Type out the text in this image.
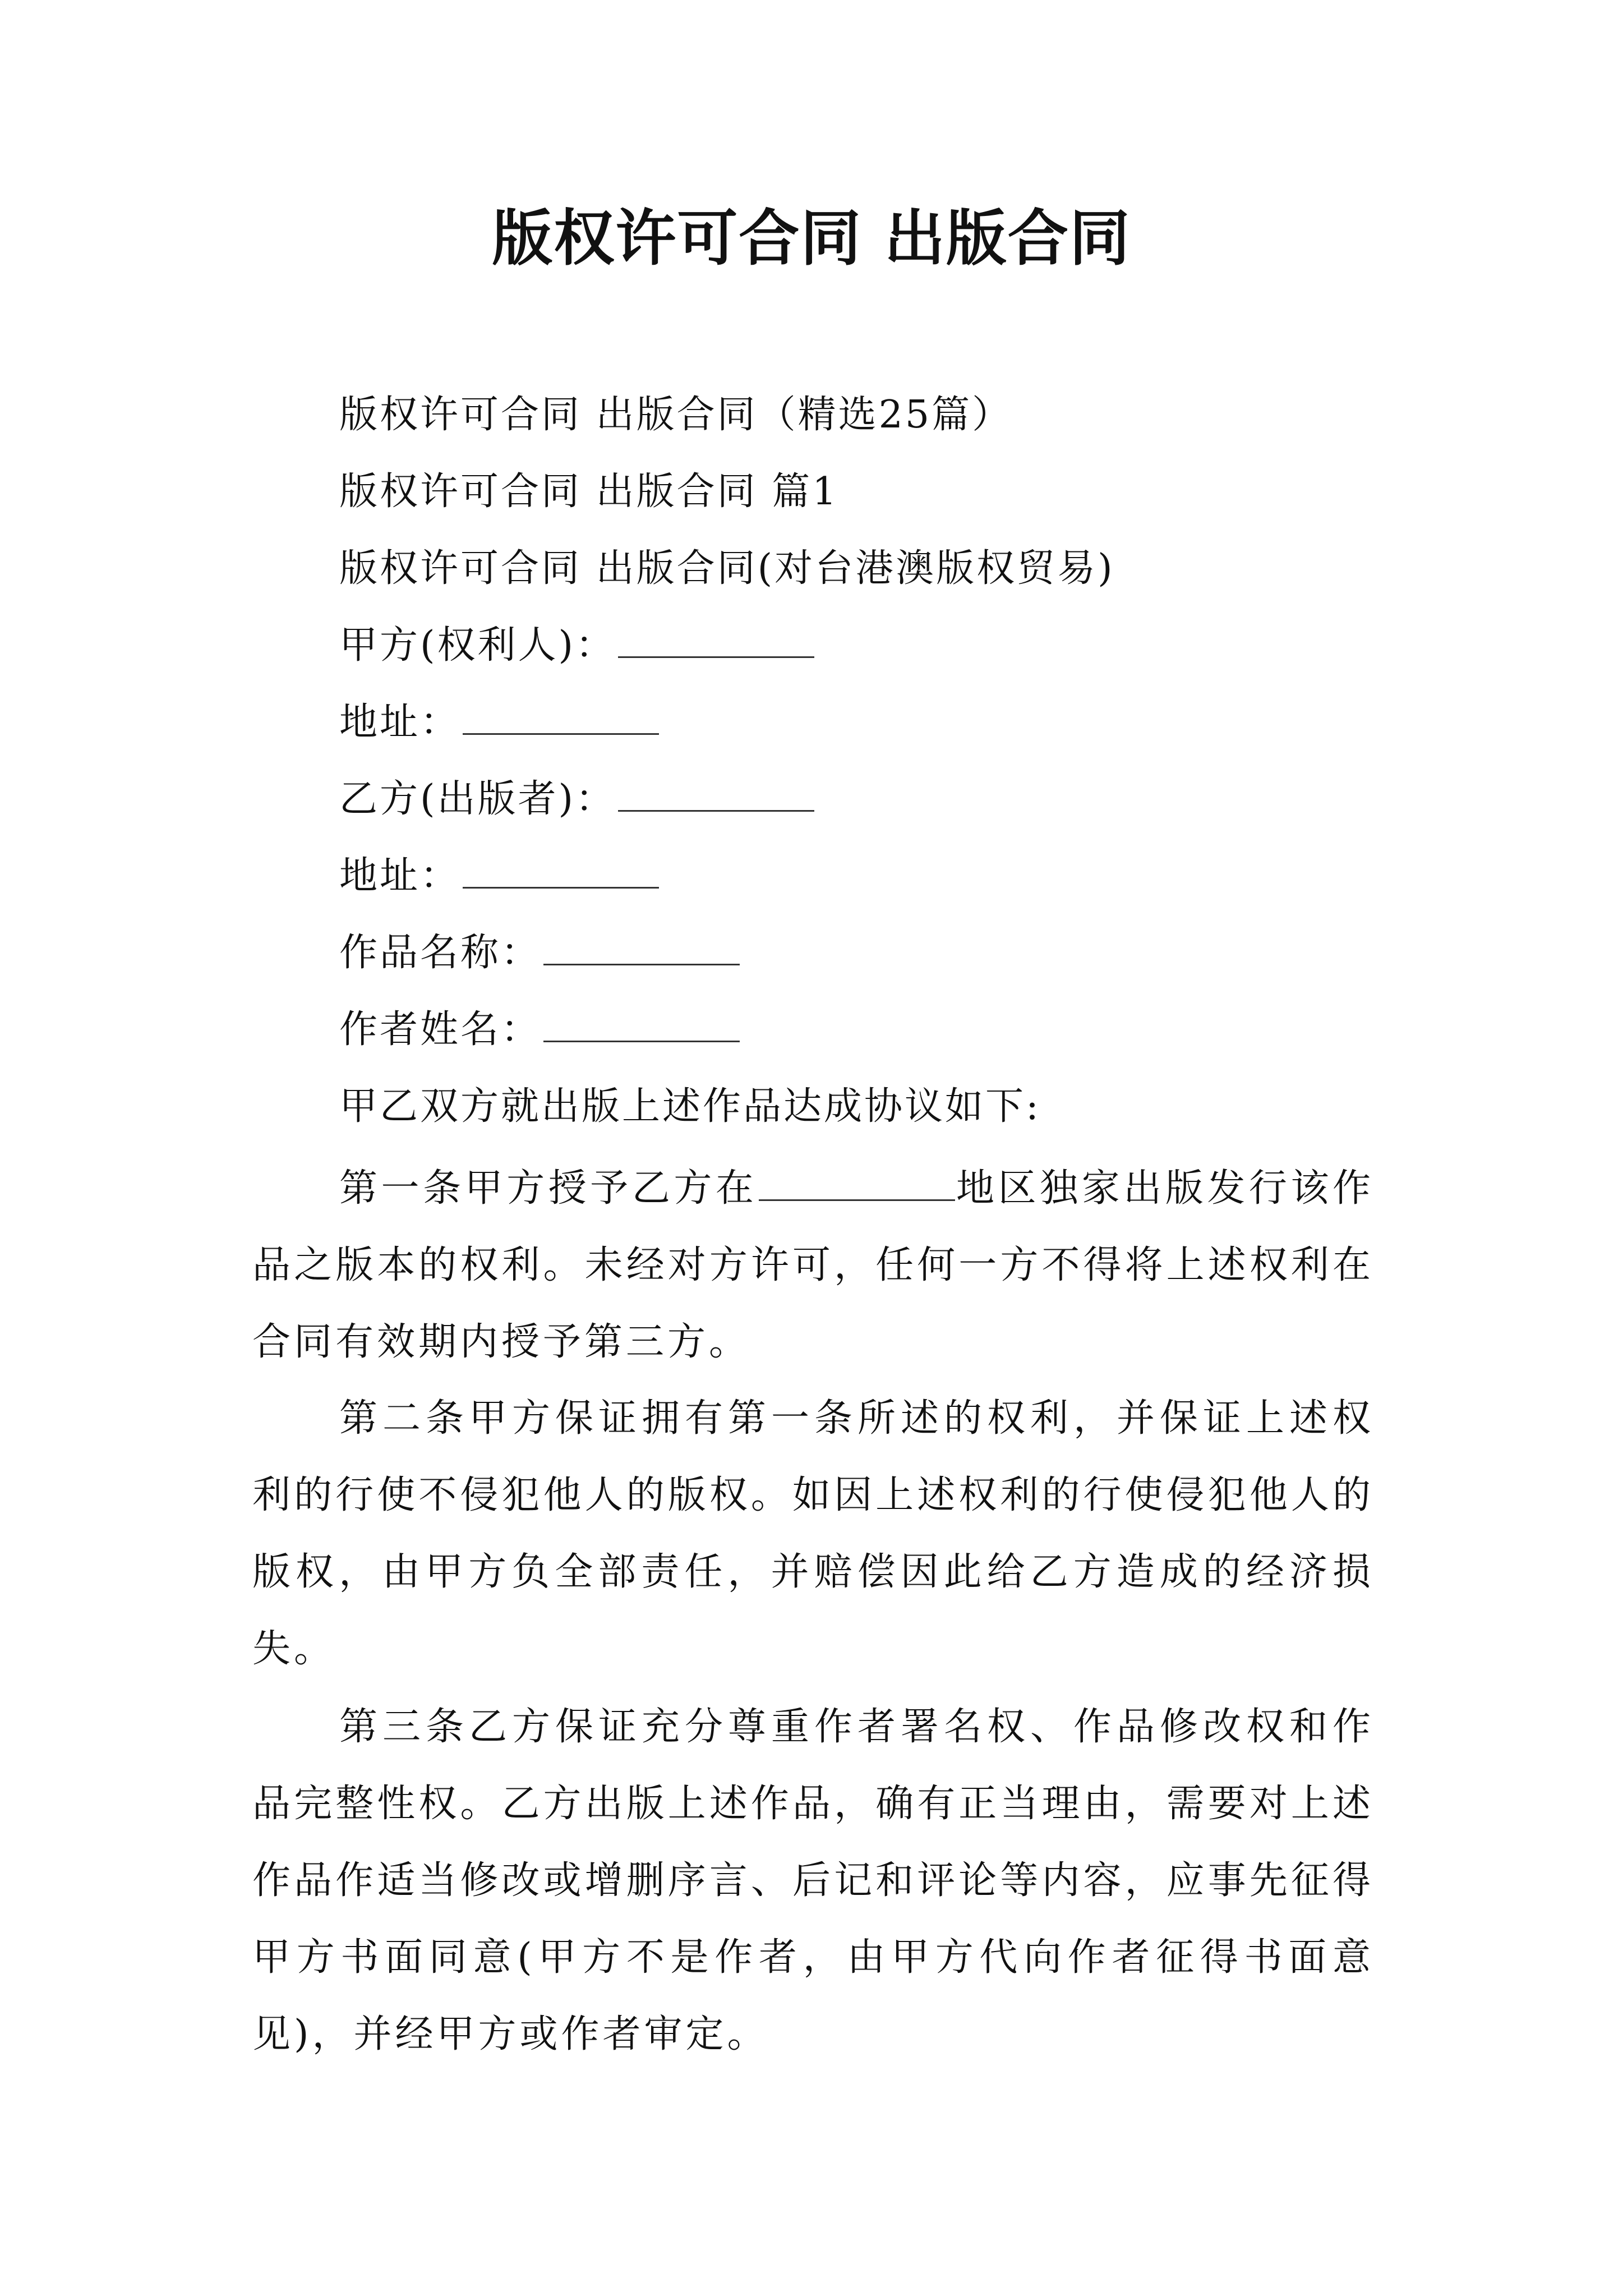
版权许可合同 出版合同
版权许可合同 出版合同（精选25篇）
版权许可合同 出版合同 篇1
版权许可合同 出版合同(对台港澳版权贸易)
甲方(权利人)：
地址：
乙方(出版者)：
地址：
作品名称：
作者姓名：
甲乙双方就出版上述作品达成协议如下:
第一条甲方授予乙方在	地区独家出版发行该作品之版本的权利。未经对方许可，任何一方不得将上述权利在合同有效期内授予第三方。
第二条甲方保证拥有第一条所述的权利，并保证上述权利的行使不侵犯他人的版权。如因上述权利的行使侵犯他人的版权，由甲方负全部责任，并赔偿因此给乙方造成的经济损失。
第三条乙方保证充分尊重作者署名权、作品修改权和作品完整性权。乙方出版上述作品，确有正当理由，需要对上述作品作适当修改或增删序言、后记和评论等内容，应事先征得甲方书面同意(甲方不是作者，由甲方代向作者征得书面意见)，并经甲方或作者审定。
